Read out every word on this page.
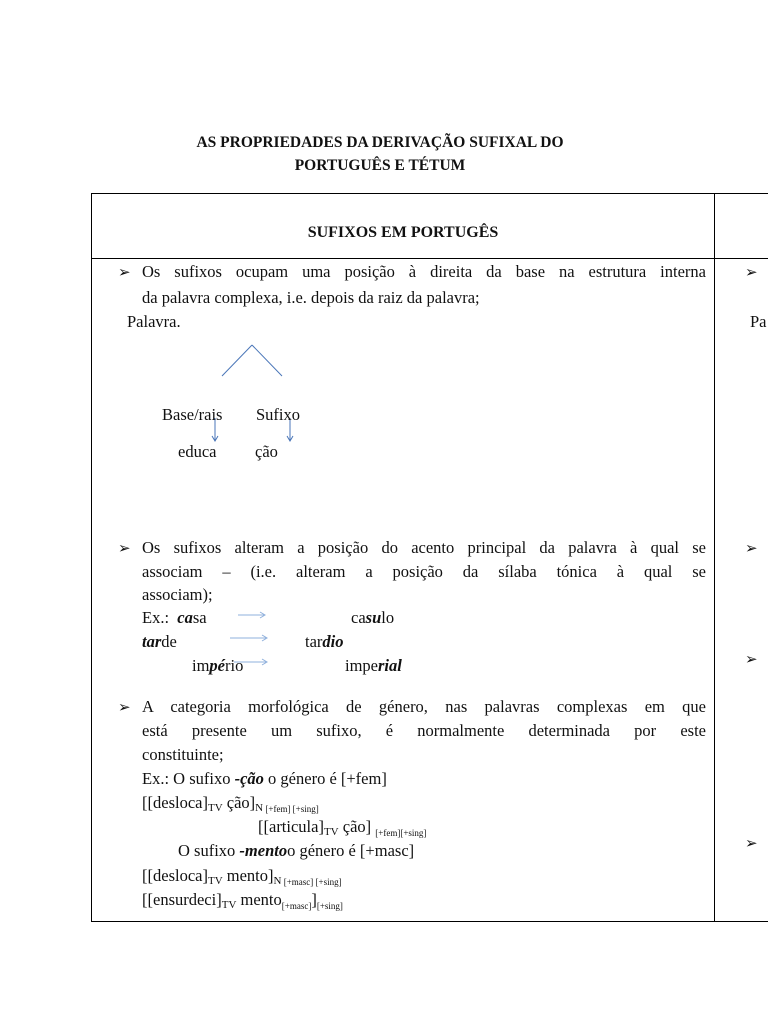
AS PROPRIEDADES DA DERIVAÇÃO SUFIXAL DO
PORTUGUÊS E TÉTUM
SUFIXOS EM PORTUGÊS
➢ Os sufixos ocupam uma posição à direita da base na estrutura interna
da palavra complexa, i.e. depois da raiz da palavra;
Palavra.
Base/rais Sufixo
educa ção
➢ Os sufixos alteram a posição do acento principal da palavra à qual se
associam – (i.e. alteram a posição da sílaba tónica à qual se
associam);
Ex.: casa	casulo
tarde	tardio
império	imperial
➢ A categoria morfológica de género, nas palavras complexas em que
está presente um sufixo, é normalmente determinada por este
constituinte;
Ex.: O sufixo -ção o género é [+fem]
[$[desloca]_{TV}$ $ção]_N$ $_{[+fem] [+sing]}$
[$[articula]_{TV}$ ção] $_{[+fem][+sing]}$
O sufixo -mentoo género é [+masc]
[$[desloca]_{TV}$ $mento]_N$ $_{[+masc] [+sing]}$
[$[ensurdeci]_{TV}$ $mento_{[+masc]}]_{[+sing]}$
➢
Pa
➢
➢
➢
